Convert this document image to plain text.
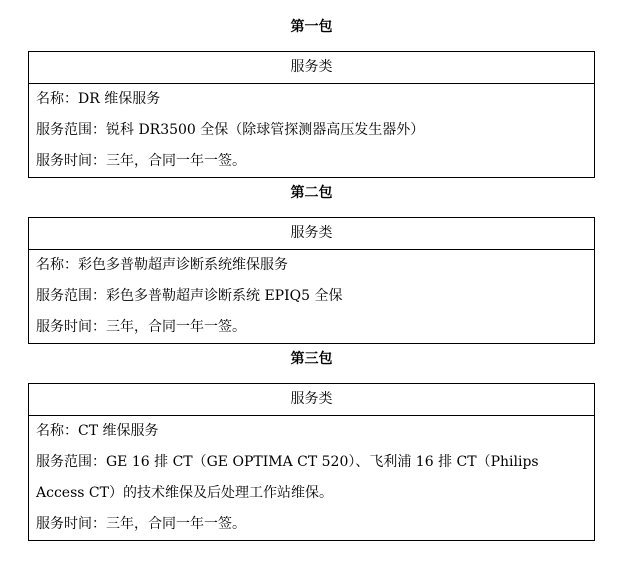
第一包
服务类
名称：DR 维保服务
服务范围：锐科 DR3500 全保（除球管探测器高压发生器外）
服务时间：三年，合同一年一签。
第二包
服务类
名称：彩色多普勒超声诊断系统维保服务
服务范围：彩色多普勒超声诊断系统 EPIQ5 全保
服务时间：三年，合同一年一签。
第三包
服务类
名称：CT 维保服务
服务范围：GE 16 排 CT（GE OPTIMA CT 520）、飞利浦 16 排 CT（Philips Access CT）的技术维保及后处理工作站维保。
服务时间：三年，合同一年一签。
